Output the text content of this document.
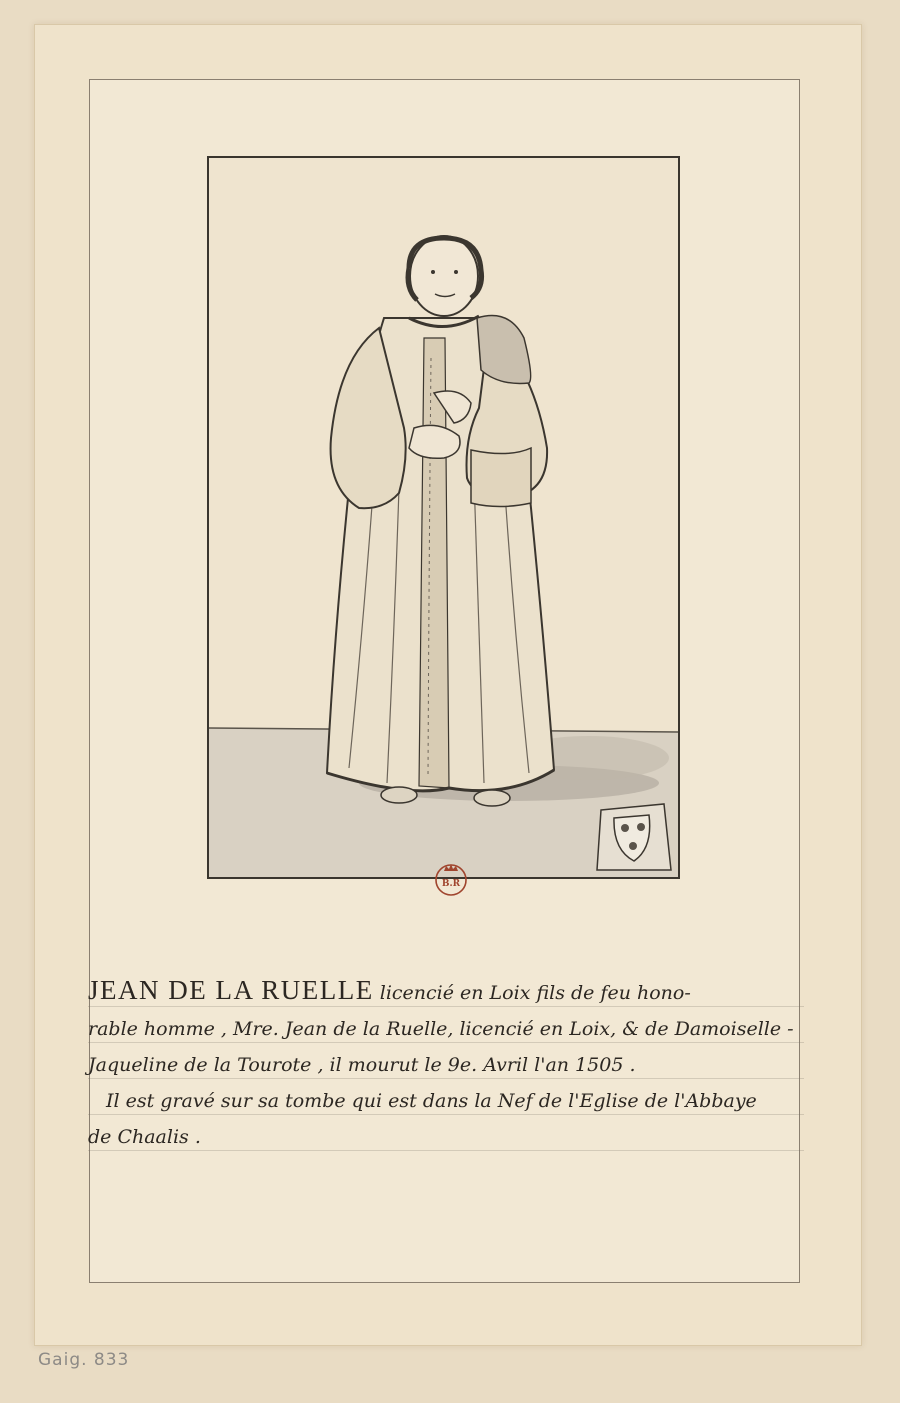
B.R
JEAN DE LA RUELLE licencié en Loix fils de feu hono-
rable homme , Mre. Jean de la Ruelle, licencié en Loix, & de Damoiselle -
Jaqueline de la Tourote , il mourut le 9e. Avril l'an 1505 .
Il est gravé sur sa tombe qui est dans la Nef de l'Eglise de l'Abbaye
de Chaalis .
Gaig. 833
